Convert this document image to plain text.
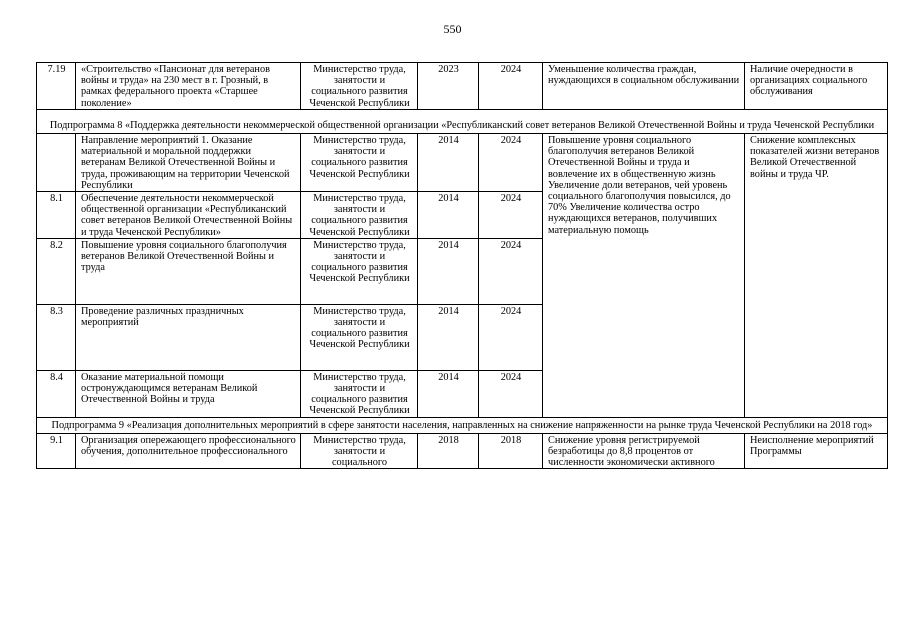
550
7.19	«Строительство «Пансионат для ветеранов войны и труда» на 230 мест в г. Грозный, в рамках федерального проекта «Старшее поколение»	Министерство труда, занятости и социального развития Чеченской Республики	2023	2024	Уменьшение количества граждан, нуждающихся в социальном обслуживании	Наличие очередности в организациях социального обслуживания
Подпрограмма 8 «Поддержка деятельности некоммерческой общественной организации «Республиканский совет ветеранов Великой Отечественной Войны и труда Чеченской Республики						
	Направление мероприятий 1. Оказание материальной и моральной поддержки ветеранам Великой Отечественной Войны и труда, проживающим на территории Чеченской Республики	Министерство труда, занятости и социального развития Чеченской Республики	2014	2024	Повышение уровня социального благополучия ветеранов Великой Отечественной Войны и труда и вовлечение их в общественную жизнь Увеличение доли ветеранов, чей уровень социального благополучия повысился, до 70% Увеличение количества остро нуждающихся ветеранов, получивших материальную помощь	Снижение комплексных показателей жизни ветеранов Великой Отечественной войны и труда ЧР.
8.1	Обеспечение деятельности некоммерческой общественной организации «Республиканский совет ветеранов Великой Отечественной Войны и труда Чеченской Республики»	Министерство труда, занятости и социального развития Чеченской Республики	2014	2024		
8.2	Повышение уровня социального благополучия ветеранов Великой Отечественной Войны и труда	Министерство труда, занятости и социального развития Чеченской Республики	2014	2024		
8.3	Проведение различных праздничных мероприятий	Министерство труда, занятости и социального развития Чеченской Республики	2014	2024		
8.4	Оказание материальной помощи остронуждающимся ветеранам Великой Отечественной Войны и труда	Министерство труда, занятости и социального развития Чеченской Республики	2014	2024		
Подпрограмма 9 «Реализация дополнительных мероприятий в сфере занятости населения, направленных на снижение напряженности на рынке труда Чеченской Республики на 2018 год»						
9.1	Организация опережающего профессионального обучения, дополнительное профессионального	Министерство труда, занятости и социального	2018	2018	Снижение уровня регистрируемой безработицы до 8,8 процентов от численности экономически активного	Неисполнение мероприятий Программы
